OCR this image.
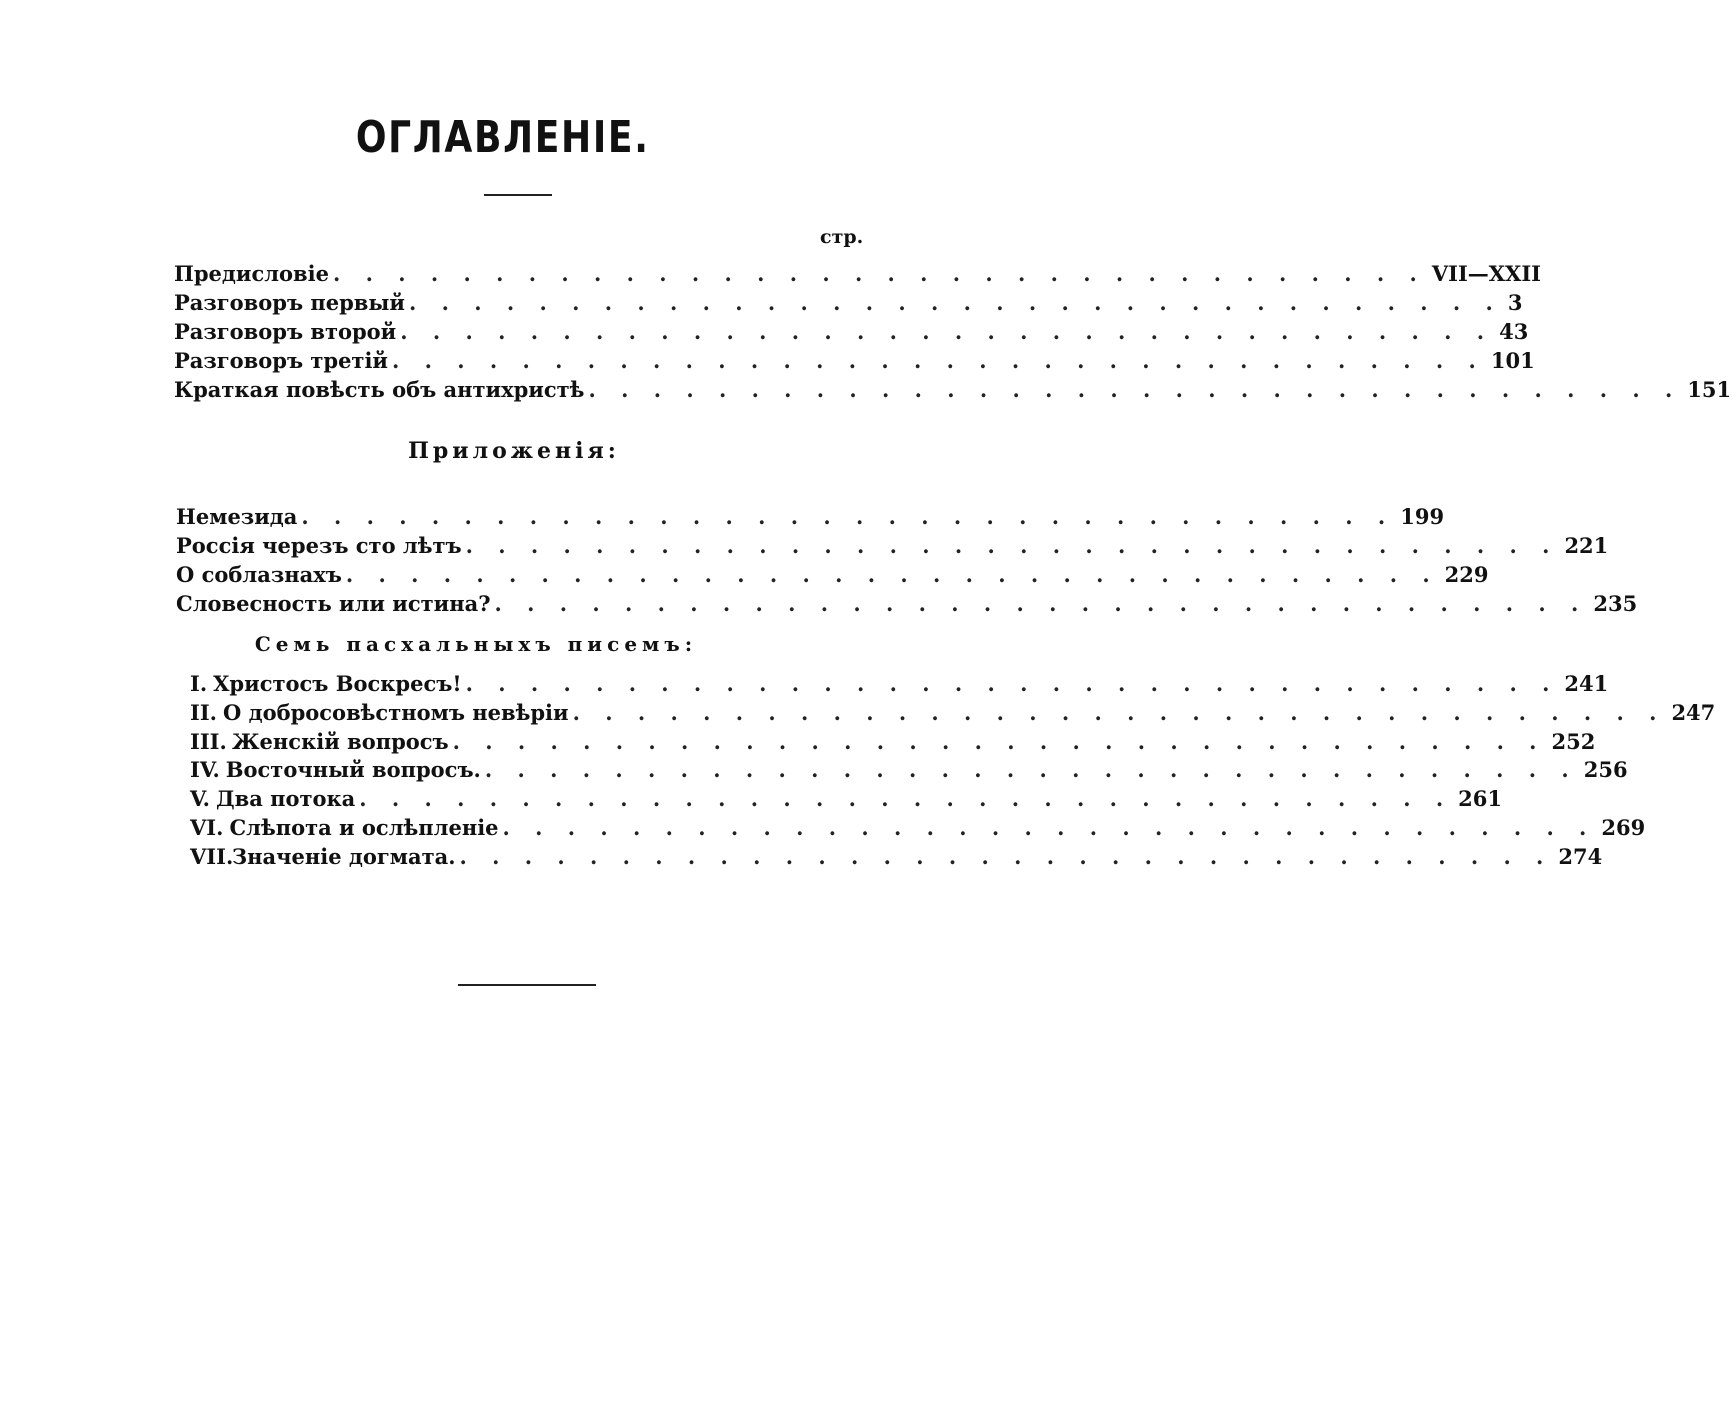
ОГЛАВЛЕНІЕ.
стр.
Предисловіе . . . . . . . . . . . . . . . . . . . . . . . . . . . . . . . . . . VII—XXII
Разговоръ первый . . . . . . . . . . . . . . . . . . . . . . . . . . . . . . . . . . 3
Разговоръ второй . . . . . . . . . . . . . . . . . . . . . . . . . . . . . . . . . . 43
Разговоръ третій . . . . . . . . . . . . . . . . . . . . . . . . . . . . . . . . . . 101
Краткая повѣсть объ антихристѣ . . . . . . . . . . . . . . . . . . . . . . . . . . . . . . . . . . 151
Приложенія:
Немезида . . . . . . . . . . . . . . . . . . . . . . . . . . . . . . . . . . 199
Россія черезъ сто лѣтъ . . . . . . . . . . . . . . . . . . . . . . . . . . . . . . . . . . 221
О соблазнахъ . . . . . . . . . . . . . . . . . . . . . . . . . . . . . . . . . . 229
Словесность или истина? . . . . . . . . . . . . . . . . . . . . . . . . . . . . . . . . . . 235
Семь пасхальныхъ писемъ:
I. Христосъ Воскресъ! . . . . . . . . . . . . . . . . . . . . . . . . . . . . . . . . . . 241
II. О добросовѣстномъ невѣріи . . . . . . . . . . . . . . . . . . . . . . . . . . . . . . . . . . 247
III. Женскій вопросъ . . . . . . . . . . . . . . . . . . . . . . . . . . . . . . . . . . 252
IV. Восточный вопросъ. . . . . . . . . . . . . . . . . . . . . . . . . . . . . . . . . . . 256
V. Два потока . . . . . . . . . . . . . . . . . . . . . . . . . . . . . . . . . . 261
VI. Слѣпота и ослѣпленіе . . . . . . . . . . . . . . . . . . . . . . . . . . . . . . . . . . 269
VII.
Значеніе догмата. . . . . . . . . . . . . . . . . . . . . . . . . . . . . . . . . . . 274
